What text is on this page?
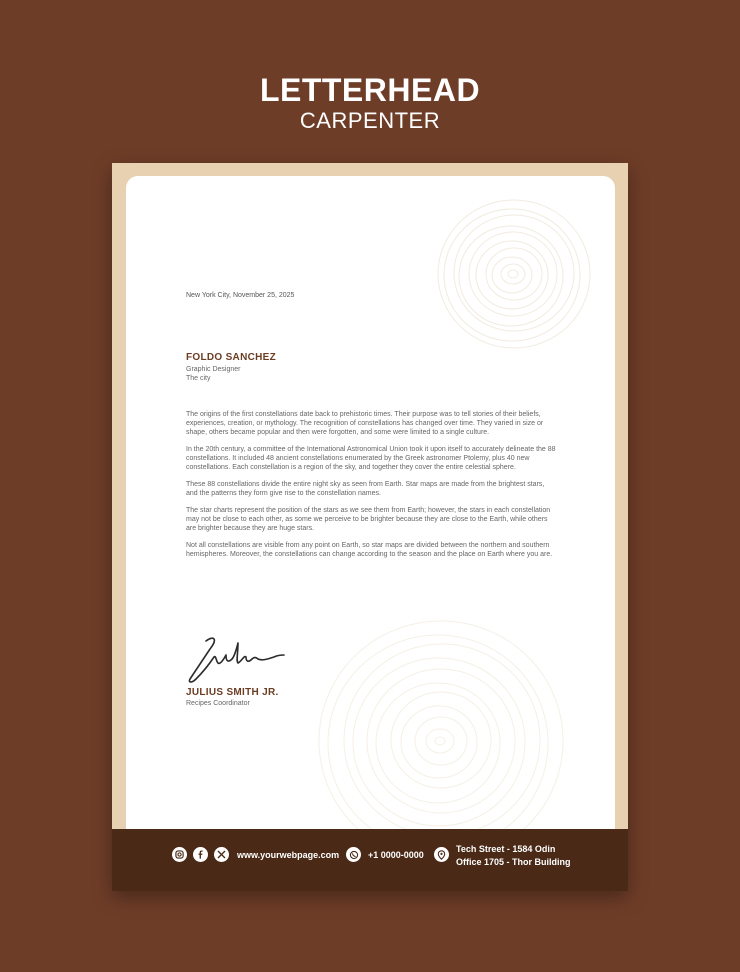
LETTERHEAD
CARPENTER
New York City, November 25, 2025
FOLDO SANCHEZ
Graphic Designer
The city

The origins of the first constellations date back to prehistoric times. Their purpose was to tell stories of their beliefs, experiences, creation, or mythology. The recognition of constellations has changed over time. They varied in size or shape, others became popular and then were forgotten, and some were limited to a single culture.

In the 20th century, a committee of the International Astronomical Union took it upon itself to accurately delineate the 88 constellations. It included 48 ancient constellations enumerated by the Greek astronomer Ptolemy, plus 40 new constellations. Each constellation is a region of the sky, and together they cover the entire celestial sphere.

These 88 constellations divide the entire night sky as seen from Earth. Star maps are made from the brightest stars, and the patterns they form give rise to the constellation names.

The star charts represent the position of the stars as we see them from Earth; however, the stars in each constellation may not be close to each other, as some we perceive to be brighter because they are close to the Earth, while others are brighter because they are huge stars.

Not all constellations are visible from any point on Earth, so star maps are divided between the northern and southern hemispheres. Moreover, the constellations can change according to the season and the place on Earth where you are.

JULIUS SMITH JR.
Recipes Coordinator
www.yourwebpage.com	+1 0000-0000
Tech Street - 1584 Odin
Office 1705 - Thor Building
